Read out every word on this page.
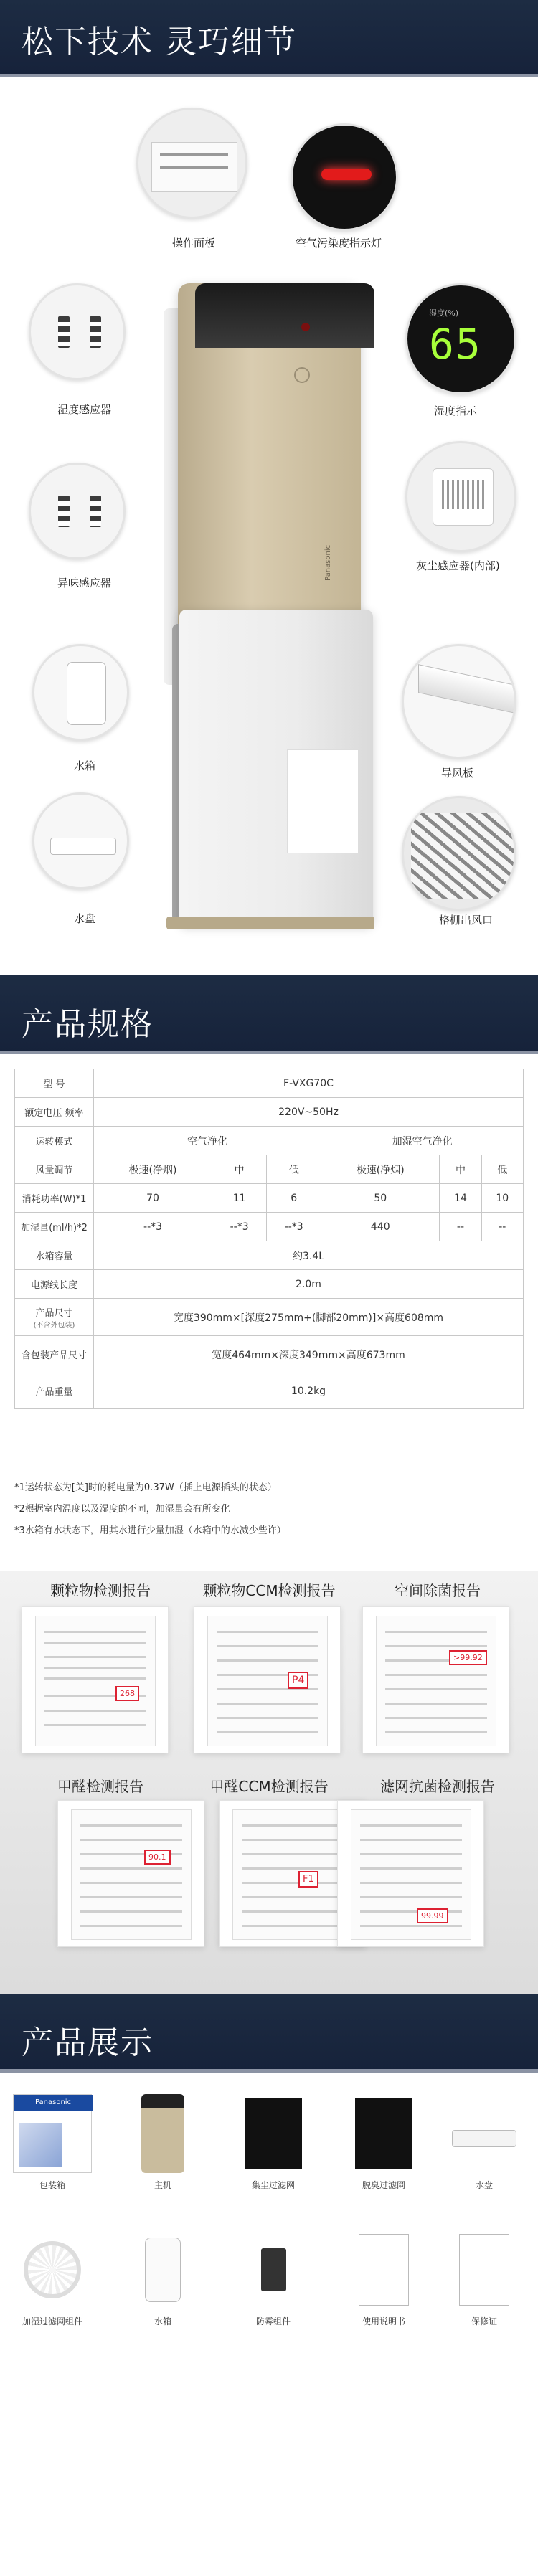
松下技术 灵巧细节
Panasonic
操作面板	空气污染度指示灯
湿度感应器
异味感应器
湿度(%)
65
湿度指示
灰尘感应器(内部)
水箱
水盘
导风板
格栅出风口
产品规格
型 号	F-VXG70C					
额定电压 频率	220V~50Hz					
运转模式	空气净化			加湿空气净化		
风量调节	极速(净烟)	中	低	极速(净烟)	中	低
消耗功率(W)*1	70	11	6	50	14	10
加湿量(ml/h)*2	--*3	--*3	--*3	440	--	--
水箱容量	约3.4L					
电源线长度	2.0m					
产品尺寸
(不含外包装)	宽度390mm×[深度275mm+(脚部20mm)]×高度608mm					
含包装产品尺寸	宽度464mm×深度349mm×高度673mm					
产品重量	10.2kg					
*1运转状态为[关]时的耗电量为0.37W（插上电源插头的状态）
*2根据室内温度以及湿度的不同，加湿量会有所变化
*3水箱有水状态下，用其水进行少量加湿（水箱中的水减少些许）
颗粒物检测报告	颗粒物CCM检测报告	空间除菌报告
268
P4
>99.92
甲醛检测报告	甲醛CCM检测报告	滤网抗菌检测报告
90.1
F1
99.99
产品展示
Panasonic
包装箱	主机	集尘过滤网	脱臭过滤网	水盘
加湿过滤网组件	水箱	防霉组件	使用说明书	保修证
